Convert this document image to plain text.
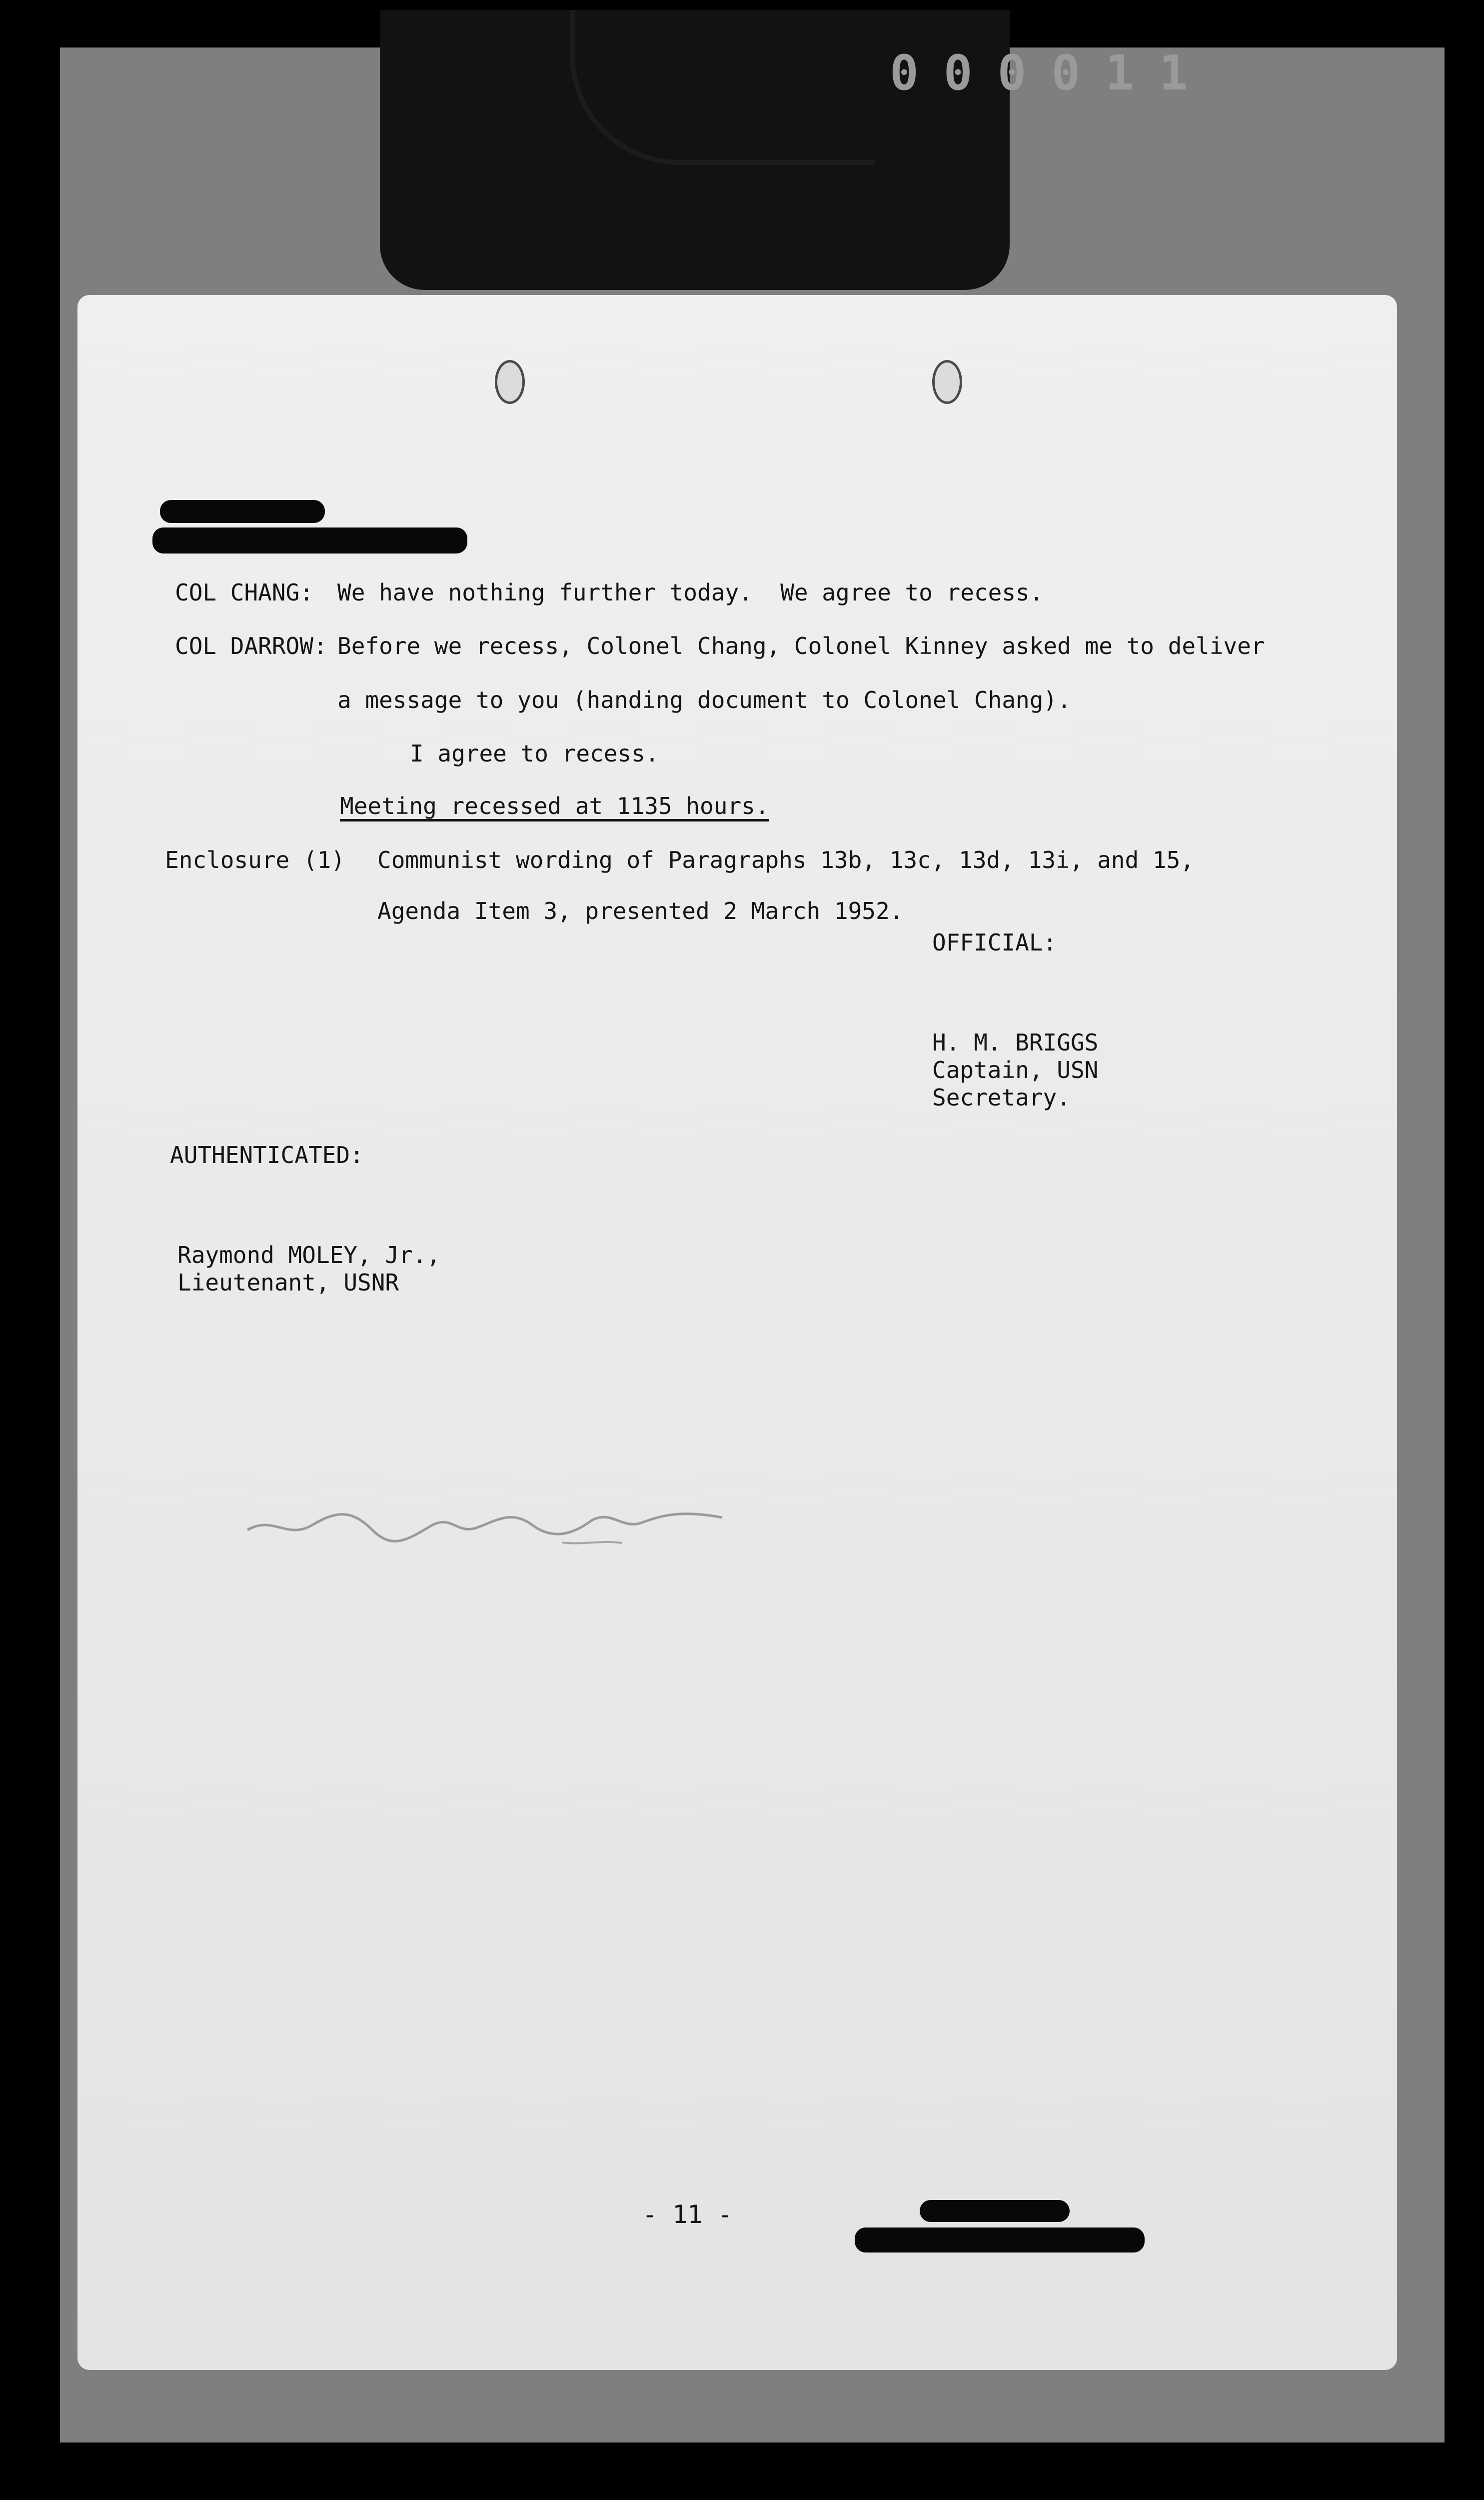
000011
COL CHANG: We have nothing further today.  We agree to recess.
COL DARROW: Before we recess, Colonel Chang, Colonel Kinney asked me to deliver
a message to you (handing document to Colonel Chang).
I agree to recess.
Meeting recessed at 1135 hours.
Enclosure (1) Communist wording of Paragraphs 13b, 13c, 13d, 13i, and 15,
Agenda Item 3, presented 2 March 1952.
OFFICIAL:
H. M. BRIGGS
Captain, USN
Secretary.
AUTHENTICATED:
Raymond MOLEY, Jr.,
Lieutenant, USNR
- 11 -
